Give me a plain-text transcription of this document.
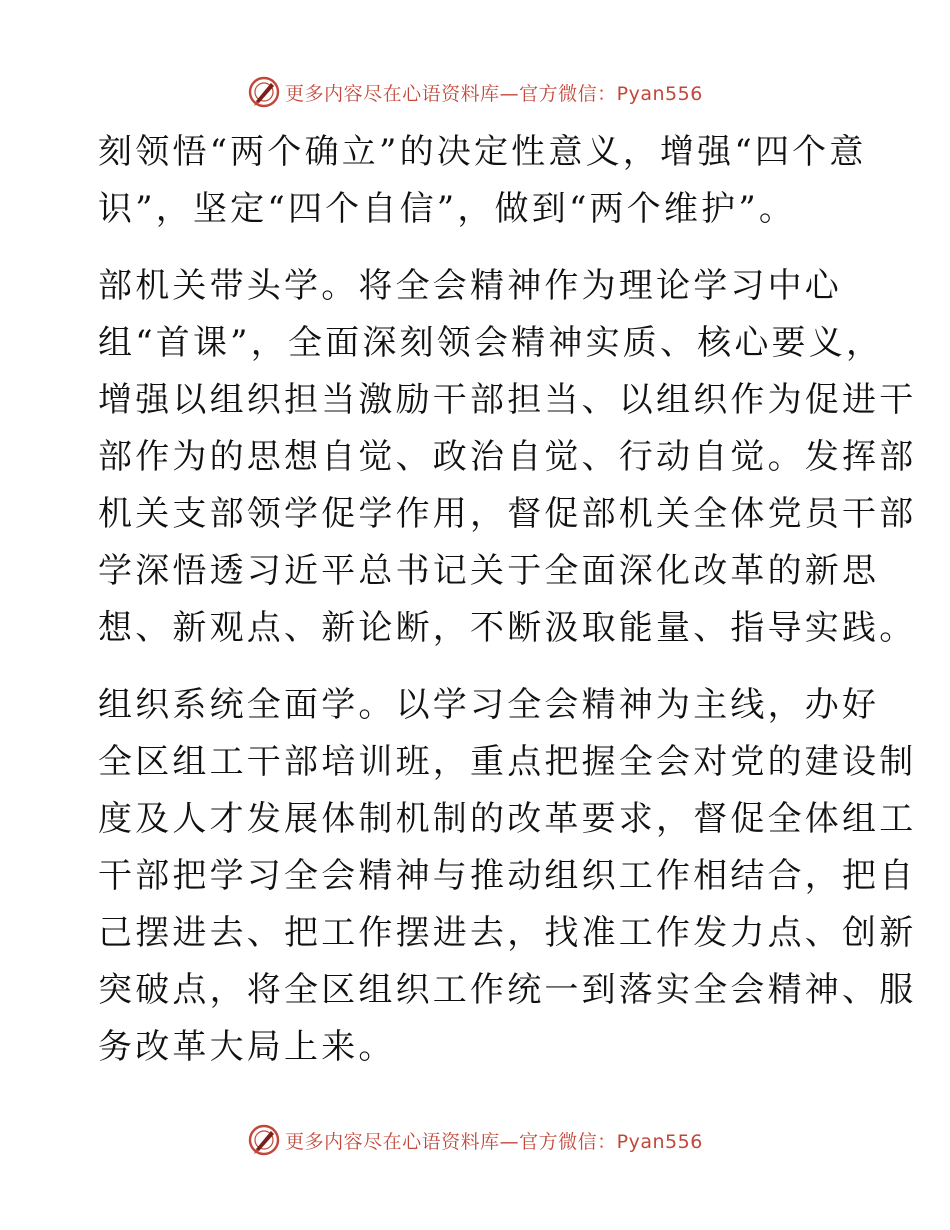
更多内容尽在心语资料库—官方微信：Pyan556
刻领悟“两个确立”的决定性意义，增强“四个意
识”，坚定“四个自信”，做到“两个维护”。
部机关带头学。将全会精神作为理论学习中心
组“首课”，全面深刻领会精神实质、核心要义，
增强以组织担当激励干部担当、以组织作为促进干
部作为的思想自觉、政治自觉、行动自觉。发挥部
机关支部领学促学作用，督促部机关全体党员干部
学深悟透习近平总书记关于全面深化改革的新思
想、新观点、新论断，不断汲取能量、指导实践。
组织系统全面学。以学习全会精神为主线，办好
全区组工干部培训班，重点把握全会对党的建设制
度及人才发展体制机制的改革要求，督促全体组工
干部把学习全会精神与推动组织工作相结合，把自
己摆进去、把工作摆进去，找准工作发力点、创新
突破点，将全区组织工作统一到落实全会精神、服
务改革大局上来。
更多内容尽在心语资料库—官方微信：Pyan556
